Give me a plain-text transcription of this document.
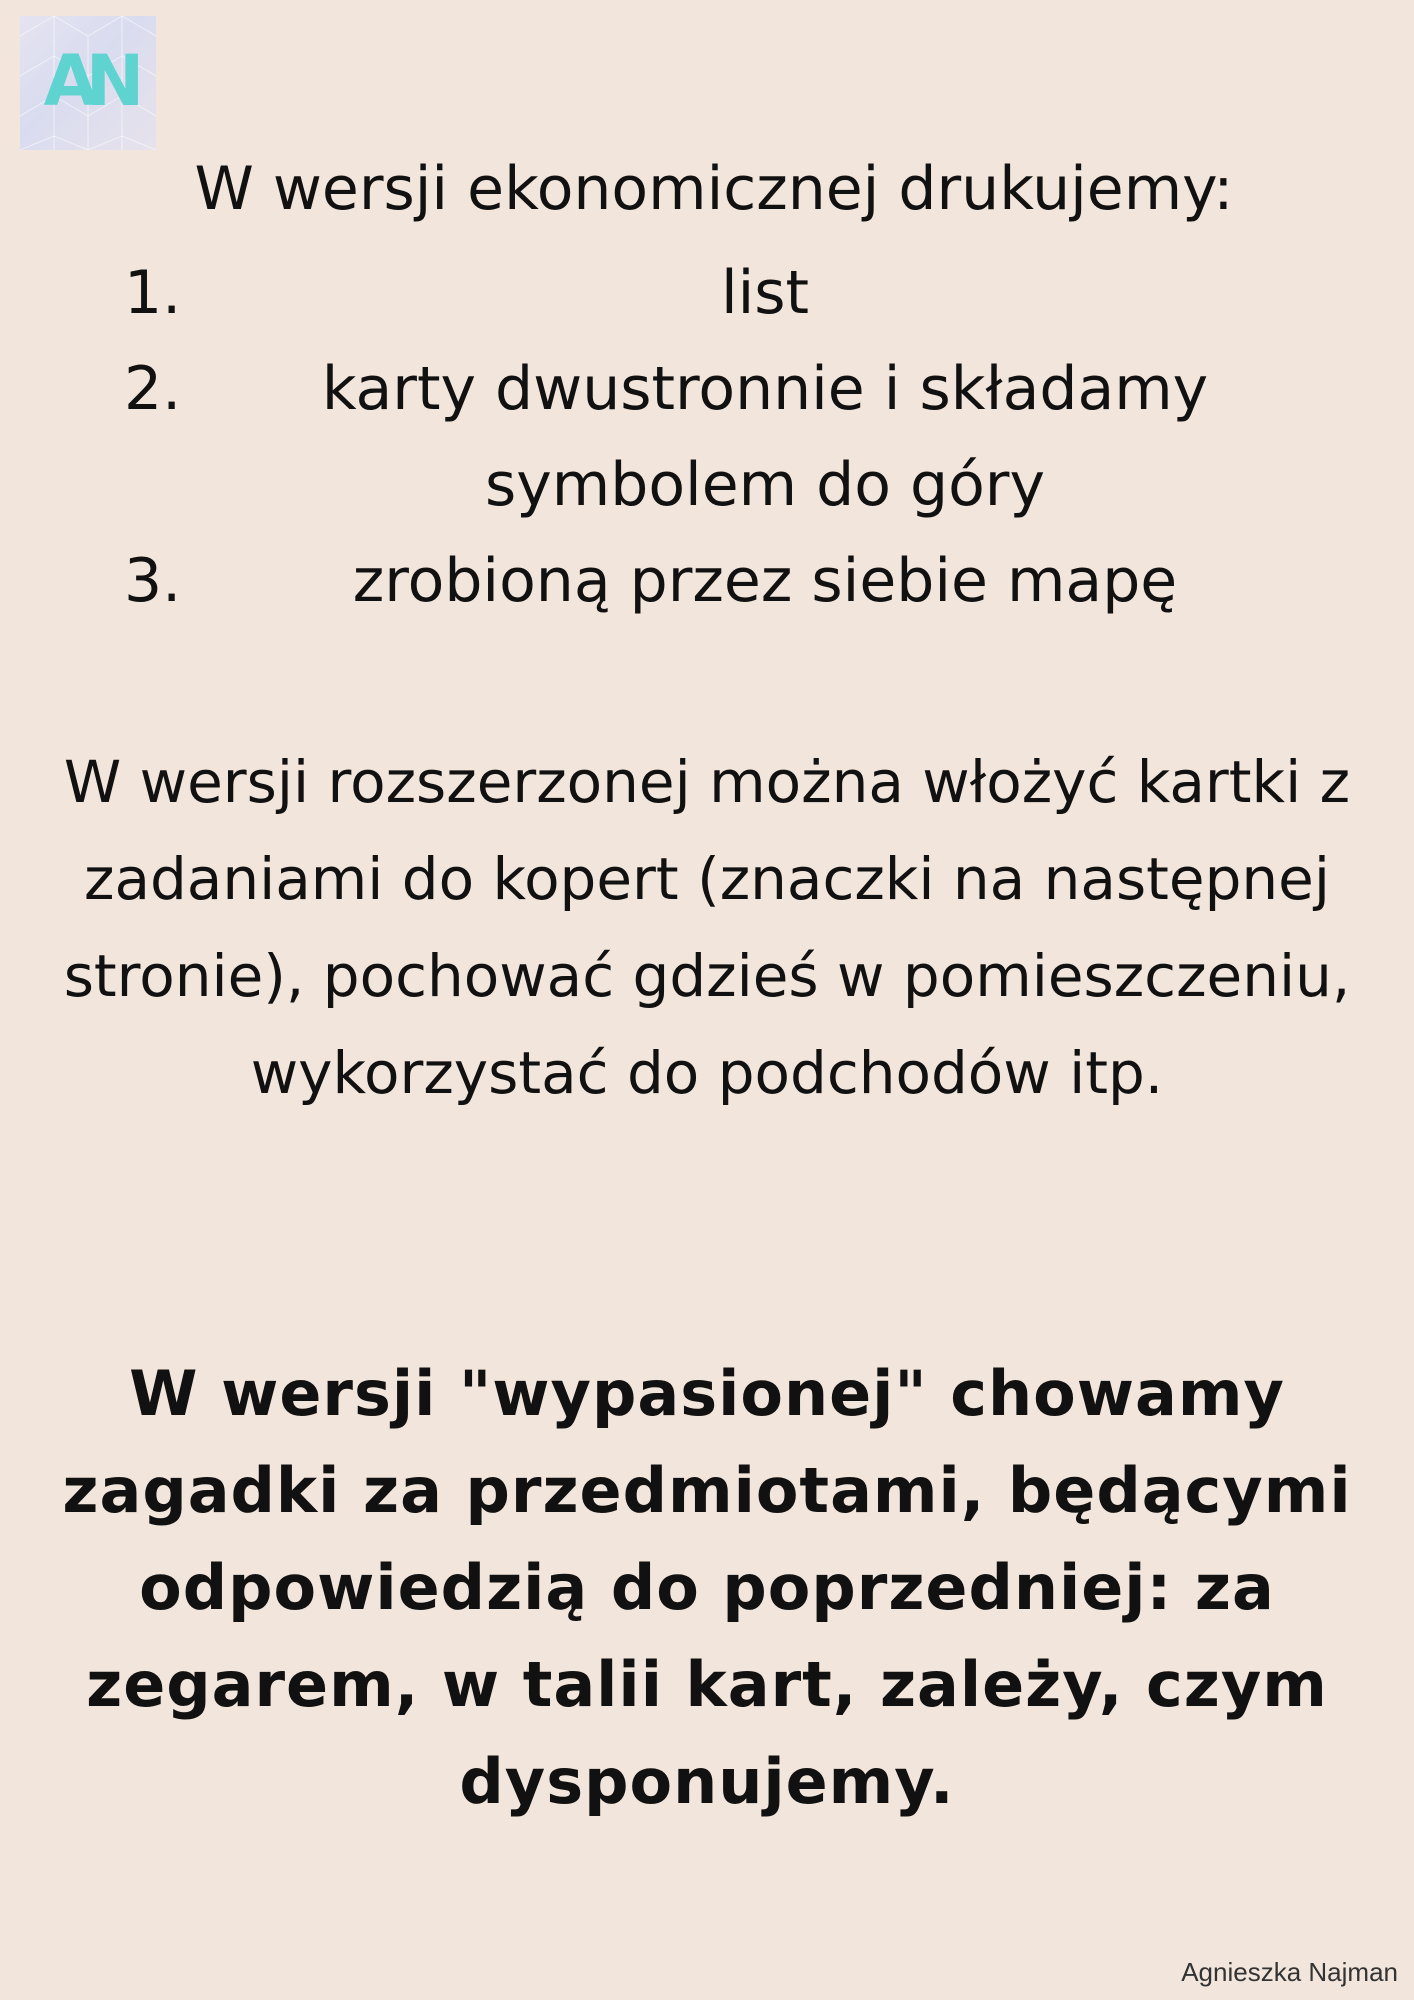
AN
W wersji ekonomicznej drukujemy:
1.	list
2.	karty dwustronnie i składamy symbolem do góry
3.	zrobioną przez siebie mapę

W wersji rozszerzonej można włożyć kartki z zadaniami do kopert (znaczki na następnej stronie), pochować gdzieś w pomieszczeniu, wykorzystać do podchodów itp.

W wersji "wypasionej" chowamy zagadki za przedmiotami, będącymi odpowiedzią do poprzedniej: za zegarem, w talii kart, zależy, czym dysponujemy.

Agnieszka Najman
